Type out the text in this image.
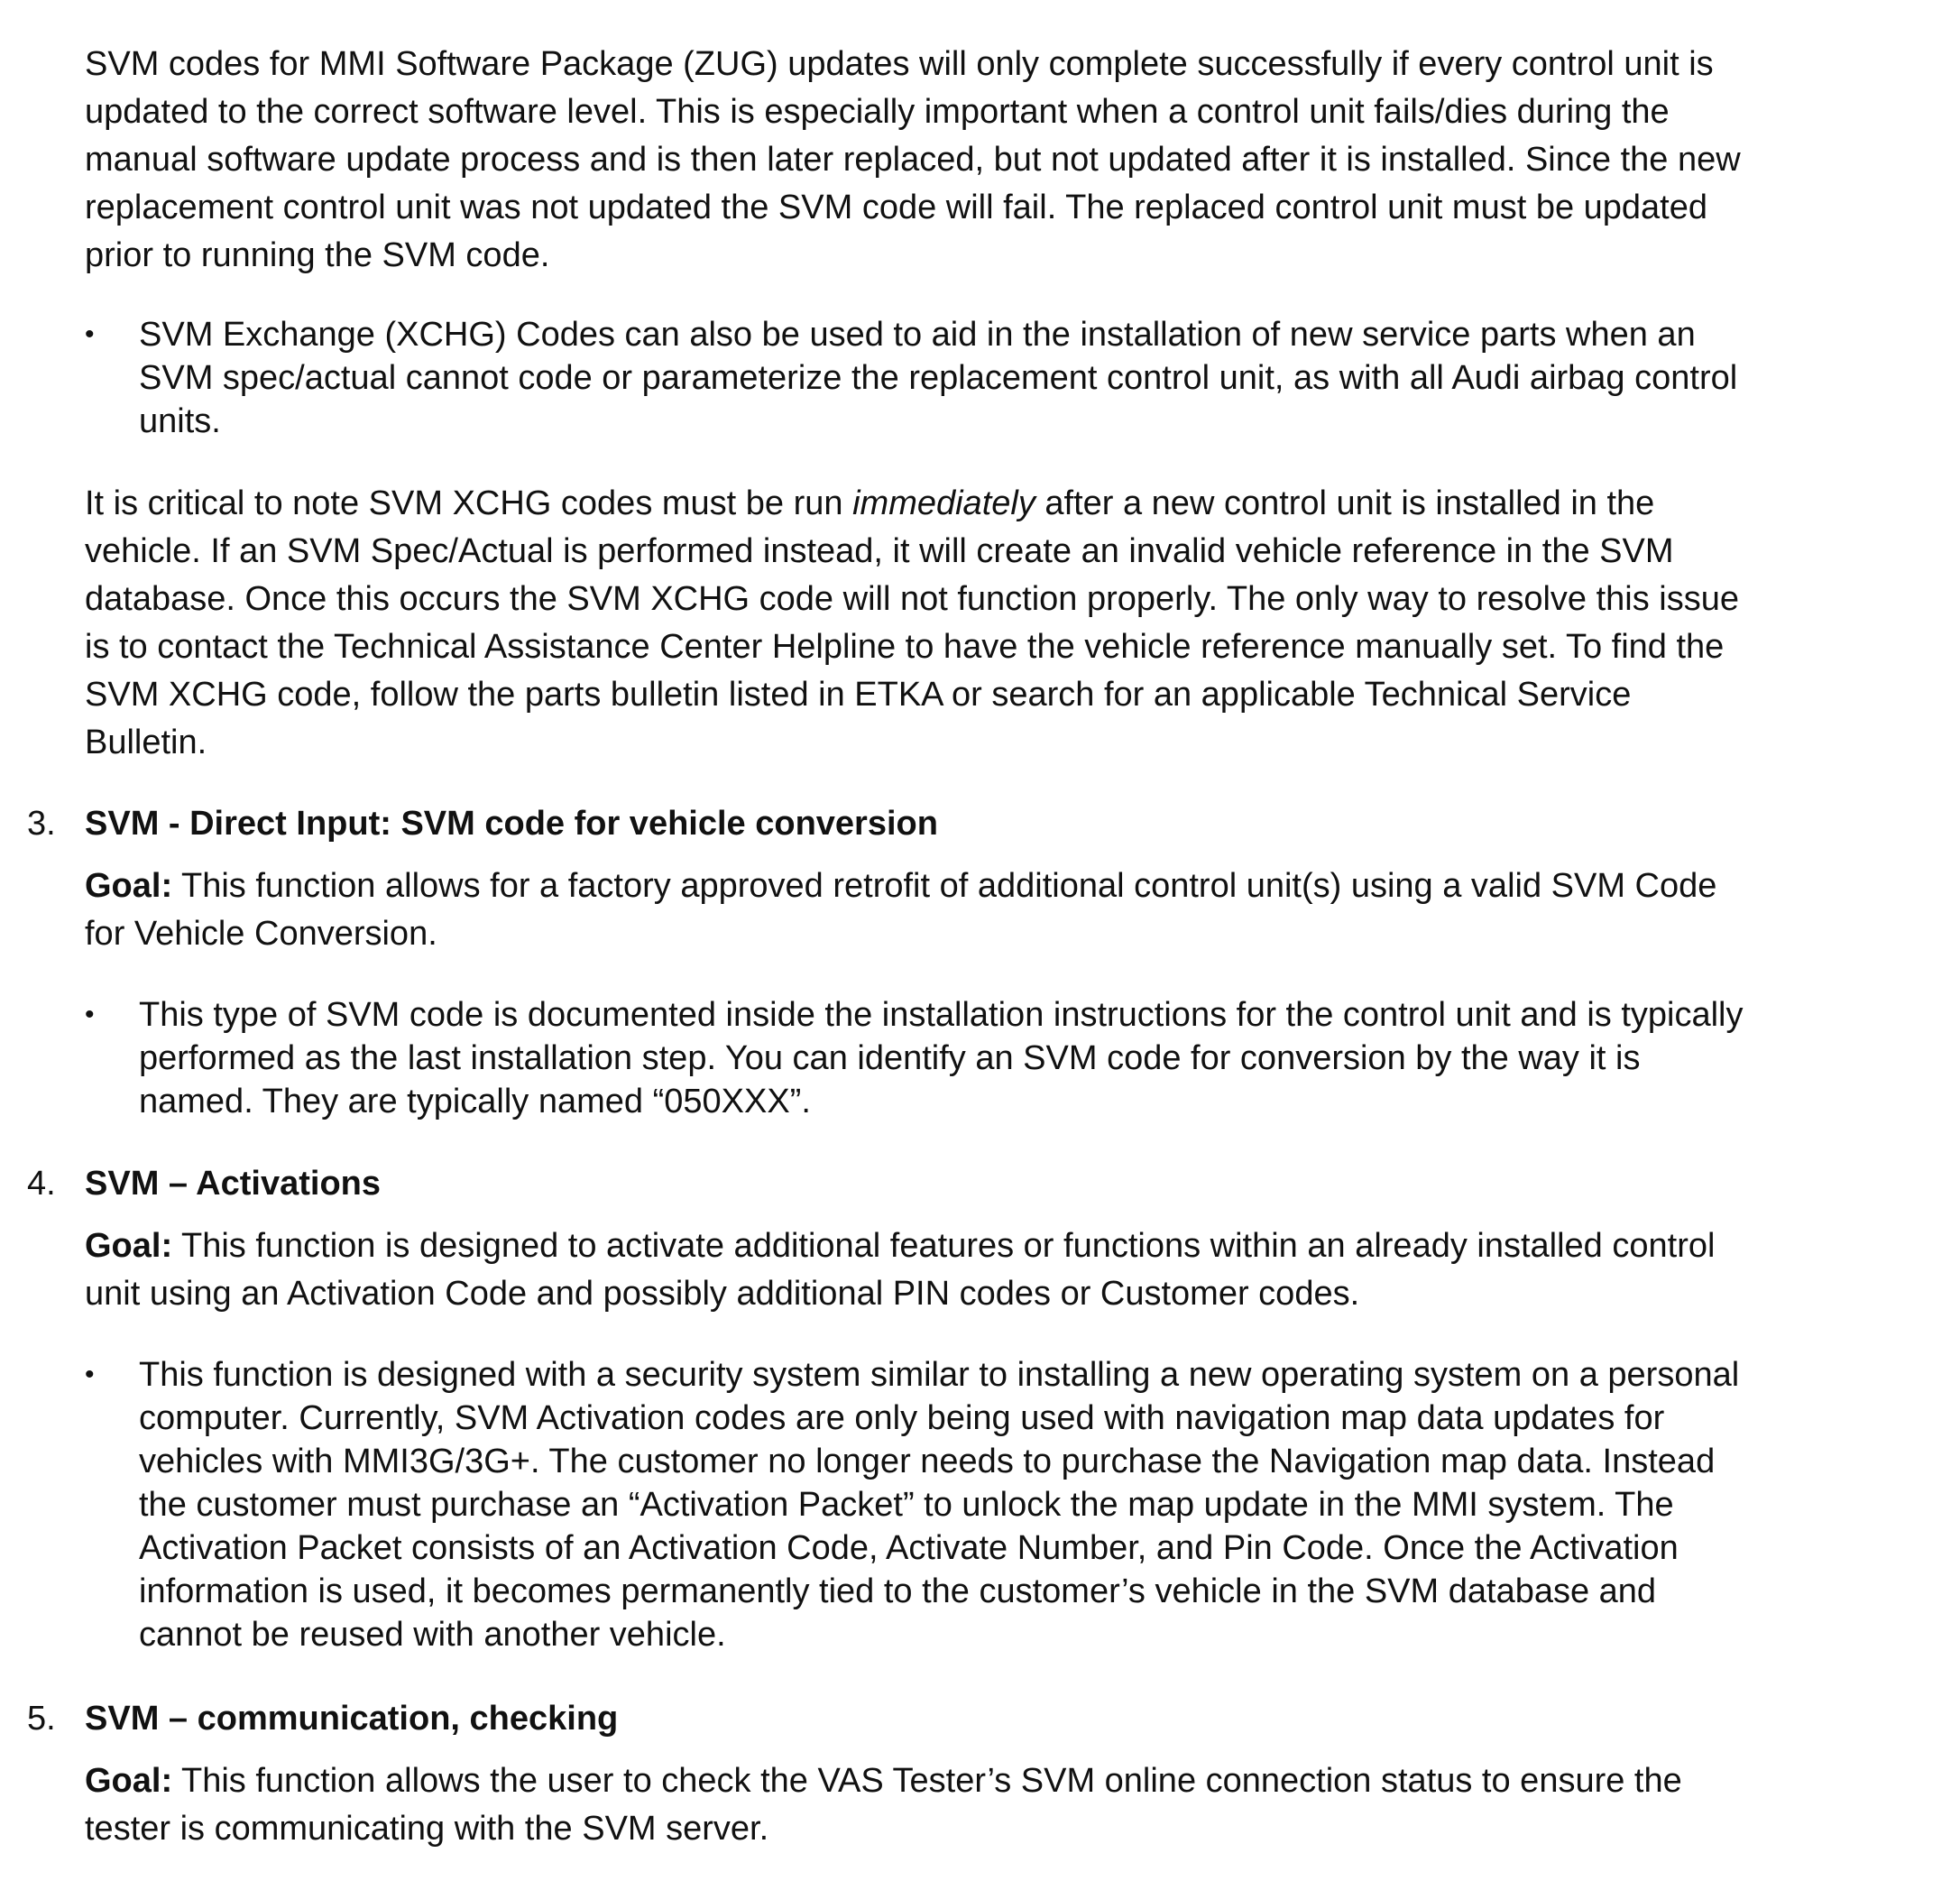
SVM codes for MMI Software Package (ZUG) updates will only complete successfully if every control unit is
updated to the correct software level. This is especially important when a control unit fails/dies during the
manual software update process and is then later replaced, but not updated after it is installed. Since the new
replacement control unit was not updated the SVM code will fail. The replaced control unit must be updated
prior to running the SVM code.
•	SVM Exchange (XCHG) Codes can also be used to aid in the installation of new service parts when an
SVM spec/actual cannot code or parameterize the replacement control unit, as with all Audi airbag control
units.
It is critical to note SVM XCHG codes must be run immediately after a new control unit is installed in the
vehicle. If an SVM Spec/Actual is performed instead, it will create an invalid vehicle reference in the SVM
database. Once this occurs the SVM XCHG code will not function properly. The only way to resolve this issue
is to contact the Technical Assistance Center Helpline to have the vehicle reference manually set. To find the
SVM XCHG code, follow the parts bulletin listed in ETKA or search for an applicable Technical Service
Bulletin.
3. SVM - Direct Input: SVM code for vehicle conversion
Goal: This function allows for a factory approved retrofit of additional control unit(s) using a valid SVM Code
for Vehicle Conversion.
•	This type of SVM code is documented inside the installation instructions for the control unit and is typically
performed as the last installation step. You can identify an SVM code for conversion by the way it is
named. They are typically named “050XXX”.
4. SVM – Activations
Goal: This function is designed to activate additional features or functions within an already installed control
unit using an Activation Code and possibly additional PIN codes or Customer codes.
•	This function is designed with a security system similar to installing a new operating system on a personal
computer. Currently, SVM Activation codes are only being used with navigation map data updates for
vehicles with MMI3G/3G+. The customer no longer needs to purchase the Navigation map data. Instead
the customer must purchase an “Activation Packet” to unlock the map update in the MMI system. The
Activation Packet consists of an Activation Code, Activate Number, and Pin Code. Once the Activation
information is used, it becomes permanently tied to the customer’s vehicle in the SVM database and
cannot be reused with another vehicle.
5. SVM – communication, checking
Goal: This function allows the user to check the VAS Tester’s SVM online connection status to ensure the
tester is communicating with the SVM server.
